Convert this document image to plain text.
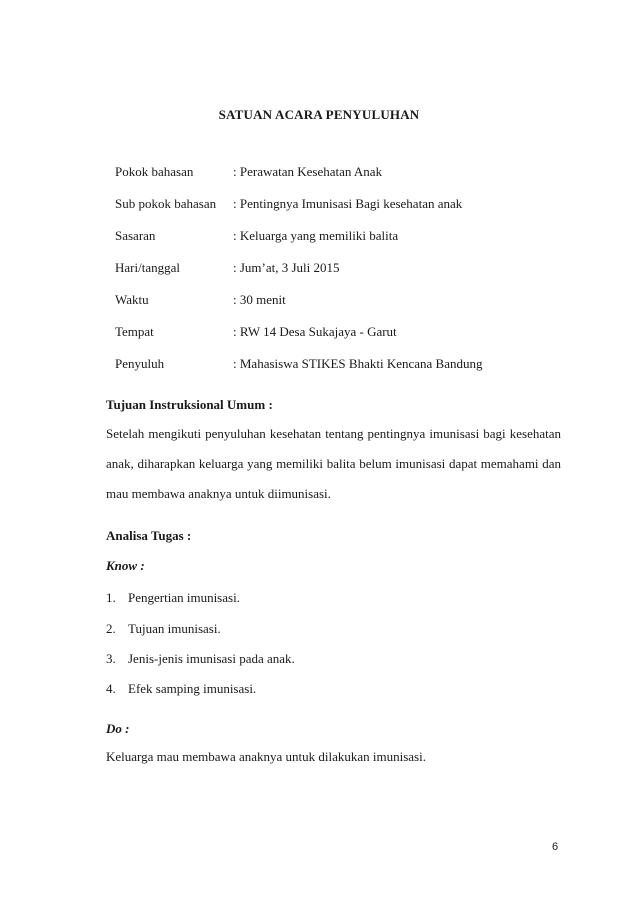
SATUAN ACARA PENYULUHAN
Pokok bahasan	: Perawatan Kesehatan Anak
Sub pokok bahasan	: Pentingnya Imunisasi Bagi kesehatan anak
Sasaran	: Keluarga yang memiliki balita
Hari/tanggal	: Jum’at, 3 Juli 2015
Waktu	: 30 menit
Tempat	: RW 14 Desa Sukajaya - Garut
Penyuluh	: Mahasiswa STIKES Bhakti Kencana Bandung
Tujuan Instruksional Umum :
Setelah mengikuti penyuluhan kesehatan tentang pentingnya imunisasi bagi kesehatan
anak, diharapkan keluarga yang memiliki balita belum imunisasi dapat memahami dan
mau membawa anaknya untuk diimunisasi.
Analisa Tugas :
Know :
1. Pengertian imunisasi.
2. Tujuan imunisasi.
3. Jenis-jenis imunisasi pada anak.
4. Efek samping imunisasi.
Do :
Keluarga mau membawa anaknya untuk dilakukan imunisasi.
6
